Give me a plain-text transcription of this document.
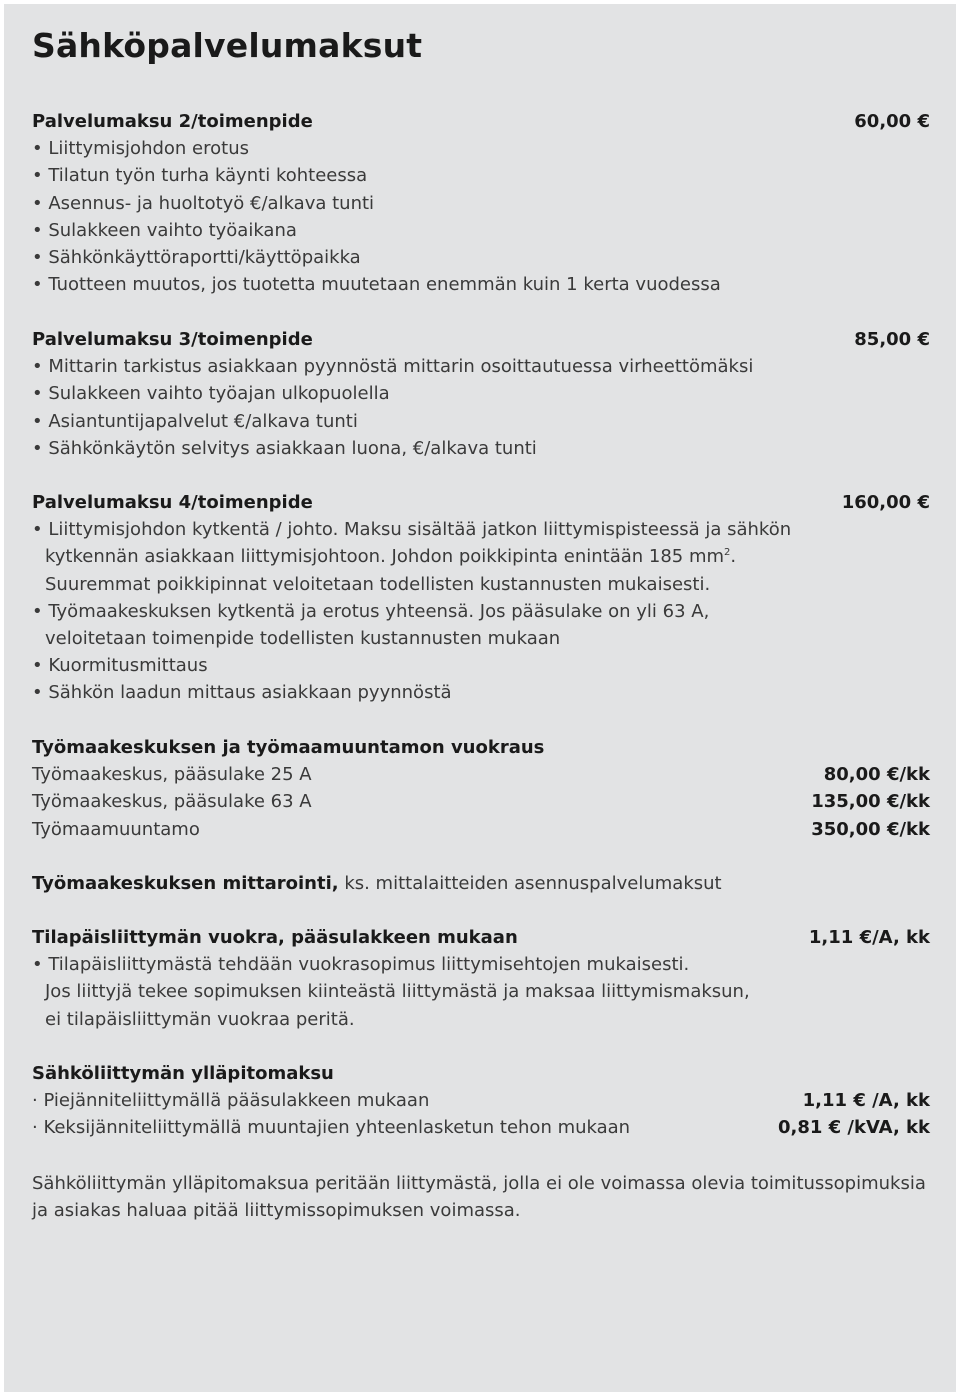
Sähköpalvelumaksut
Palvelumaksu 2/toimenpide	60,00 €
• Liittymisjohdon erotus
• Tilatun työn turha käynti kohteessa
• Asennus- ja huoltotyö €/alkava tunti
• Sulakkeen vaihto työaikana
• Sähkönkäyttöraportti/käyttöpaikka
• Tuotteen muutos, jos tuotetta muutetaan enemmän kuin 1 kerta vuodessa
Palvelumaksu 3/toimenpide	85,00 €
• Mittarin tarkistus asiakkaan pyynnöstä mittarin osoittautuessa virheettömäksi
• Sulakkeen vaihto työajan ulkopuolella
• Asiantuntijapalvelut €/alkava tunti
• Sähkönkäytön selvitys asiakkaan luona, €/alkava tunti
Palvelumaksu 4/toimenpide	160,00 €
• Liittymisjohdon kytkentä / johto. Maksu sisältää jatkon liittymispisteessä ja sähkön
kytkennän asiakkaan liittymisjohtoon. Johdon poikkipinta enintään 185 $mm^2$.
Suuremmat poikkipinnat veloitetaan todellisten kustannusten mukaisesti.
• Työmaakeskuksen kytkentä ja erotus yhteensä. Jos pääsulake on yli 63 A,
veloitetaan toimenpide todellisten kustannusten mukaan
• Kuormitusmittaus
• Sähkön laadun mittaus asiakkaan pyynnöstä
Työmaakeskuksen ja työmaamuuntamon vuokraus
Työmaakeskus, pääsulake 25 A	80,00 €/kk
Työmaakeskus, pääsulake 63 A	135,00 €/kk
Työmaamuuntamo	350,00 €/kk
Työmaakeskuksen mittarointi, ks. mittalaitteiden asennuspalvelumaksut
Tilapäisliittymän vuokra, pääsulakkeen mukaan	1,11 €/A, kk
• Tilapäisliittymästä tehdään vuokrasopimus liittymisehtojen mukaisesti.
Jos liittyjä tekee sopimuksen kiinteästä liittymästä ja maksaa liittymismaksun,
ei tilapäisliittymän vuokraa peritä.
Sähköliittymän ylläpitomaksu
· Piejänniteliittymällä pääsulakkeen mukaan	1,11 € /A, kk
· Keksijänniteliittymällä muuntajien yhteenlasketun tehon mukaan	0,81 € /kVA, kk
Sähköliittymän ylläpitomaksua peritään liittymästä, jolla ei ole voimassa olevia toimitussopimuksia
ja asiakas haluaa pitää liittymissopimuksen voimassa.
